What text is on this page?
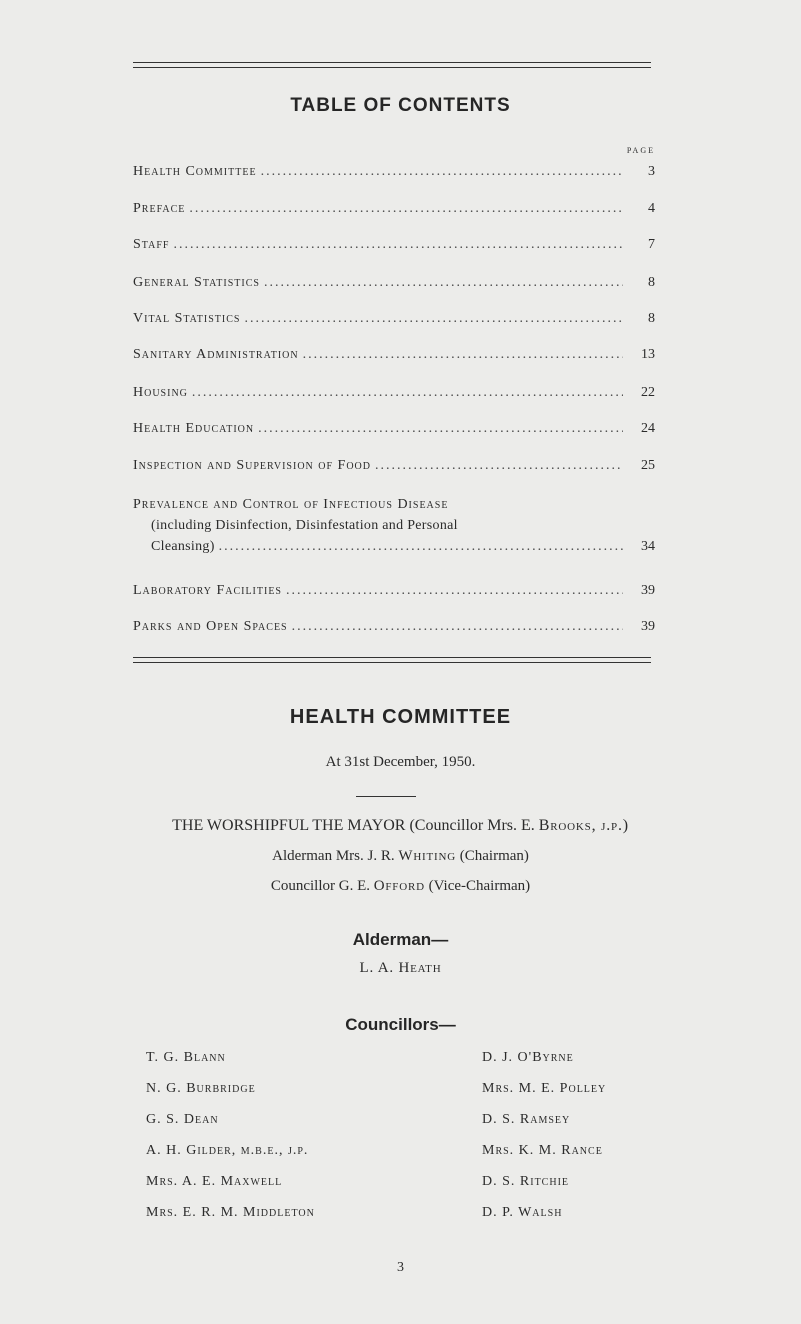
TABLE OF CONTENTS
page
Health Committee .....	3
Preface .....	4
Staff .....	7
General Statistics .....	8
Vital Statistics .....	8
Sanitary Administration .....	13
Housing .....	22
Health Education .....	24
Inspection and Supervision of Food .....	25
Prevalence and Control of Infectious Disease
(including Disinfection, Disinfestation and Personal
Cleansing) .....	34
Laboratory Facilities .....	39
Parks and Open Spaces .....	39
HEALTH COMMITTEE
At 31st December, 1950.
THE WORSHIPFUL THE MAYOR (Councillor Mrs. E. Brooks, j.p.)
Alderman Mrs. J. R. Whiting (Chairman)
Councillor G. E. Offord (Vice-Chairman)
Alderman—
L. A. Heath
Councillors—
T. G. Blann
N. G. Burbridge
G. S. Dean
A. H. Gilder, m.b.e., j.p.
Mrs. A. E. Maxwell
Mrs. E. R. M. Middleton
D. J. O'Byrne
Mrs. M. E. Polley
D. S. Ramsey
Mrs. K. M. Rance
D. S. Ritchie
D. P. Walsh
3
